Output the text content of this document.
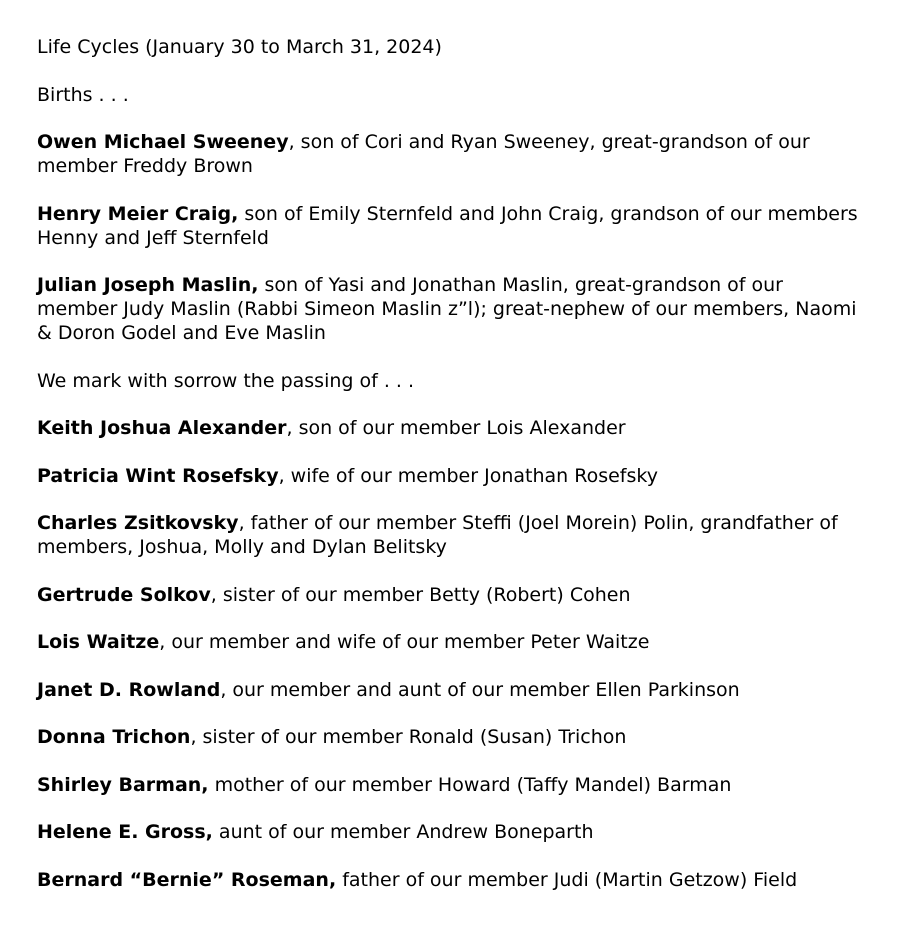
Life Cycles (January 30 to March 31, 2024)

Births . . .

Owen Michael Sweeney, son of Cori and Ryan Sweeney, great-grandson of our member Freddy Brown

Henry Meier Craig, son of Emily Sternfeld and John Craig, grandson of our members Henny and Jeff Sternfeld

Julian Joseph Maslin, son of Yasi and Jonathan Maslin, great-grandson of our member Judy Maslin (Rabbi Simeon Maslin z”l); great-nephew of our members, Naomi & Doron Godel and Eve Maslin

We mark with sorrow the passing of . . .

Keith Joshua Alexander, son of our member Lois Alexander

Patricia Wint Rosefsky, wife of our member Jonathan Rosefsky

Charles Zsitkovsky, father of our member Steffi (Joel Morein) Polin, grandfather of members, Joshua, Molly and Dylan Belitsky

Gertrude Solkov, sister of our member Betty (Robert) Cohen

Lois Waitze, our member and wife of our member Peter Waitze

Janet D. Rowland, our member and aunt of our member Ellen Parkinson

Donna Trichon, sister of our member Ronald (Susan) Trichon

Shirley Barman, mother of our member Howard (Taffy Mandel) Barman

Helene E. Gross, aunt of our member Andrew Boneparth

Bernard “Bernie” Roseman, father of our member Judi (Martin Getzow) Field
